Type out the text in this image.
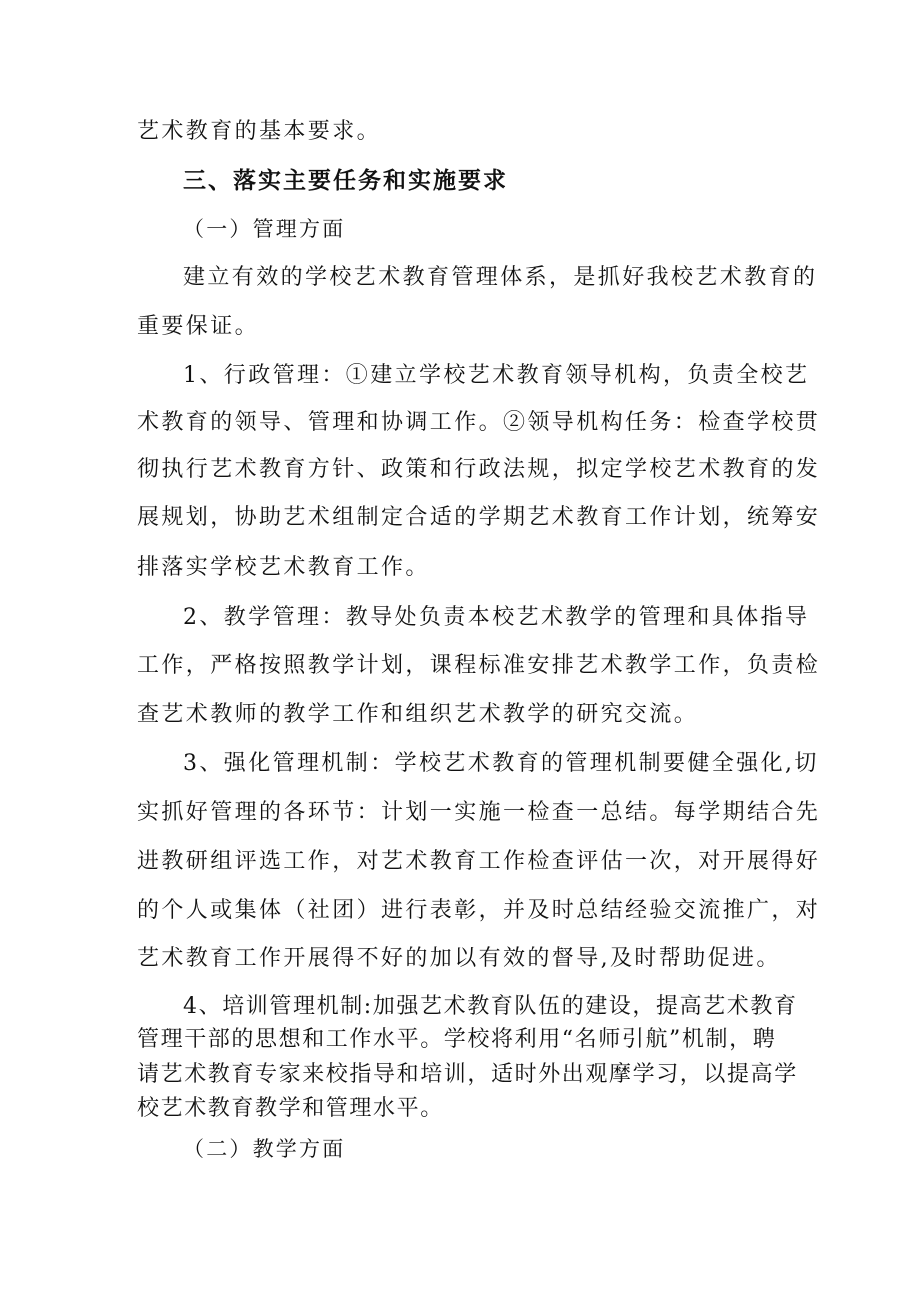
艺术教育的基本要求。
三、落实主要任务和实施要求
（一）管理方面
建立有效的学校艺术教育管理体系，是抓好我校艺术教育的
重要保证。
1、行政管理：①建立学校艺术教育领导机构，负责全校艺
术教育的领导、管理和协调工作。②领导机构任务：检查学校贯
彻执行艺术教育方针、政策和行政法规，拟定学校艺术教育的发
展规划，协助艺术组制定合适的学期艺术教育工作计划，统筹安
排落实学校艺术教育工作。
2、教学管理：教导处负责本校艺术教学的管理和具体指导
工作，严格按照教学计划，课程标准安排艺术教学工作，负责检
查艺术教师的教学工作和组织艺术教学的研究交流。
3、强化管理机制：学校艺术教育的管理机制要健全强化,切
实抓好管理的各环节：计划一实施一检查一总结。每学期结合先
进教研组评选工作，对艺术教育工作检查评估一次，对开展得好
的个人或集体（社团）进行表彰，并及时总结经验交流推广，对
艺术教育工作开展得不好的加以有效的督导,及时帮助促进。
4、培训管理机制:加强艺术教育队伍的建设，提高艺术教育
管理干部的思想和工作水平。学校将利用“名师引航”机制，聘
请艺术教育专家来校指导和培训，适时外出观摩学习，以提高学
校艺术教育教学和管理水平。
（二）教学方面
